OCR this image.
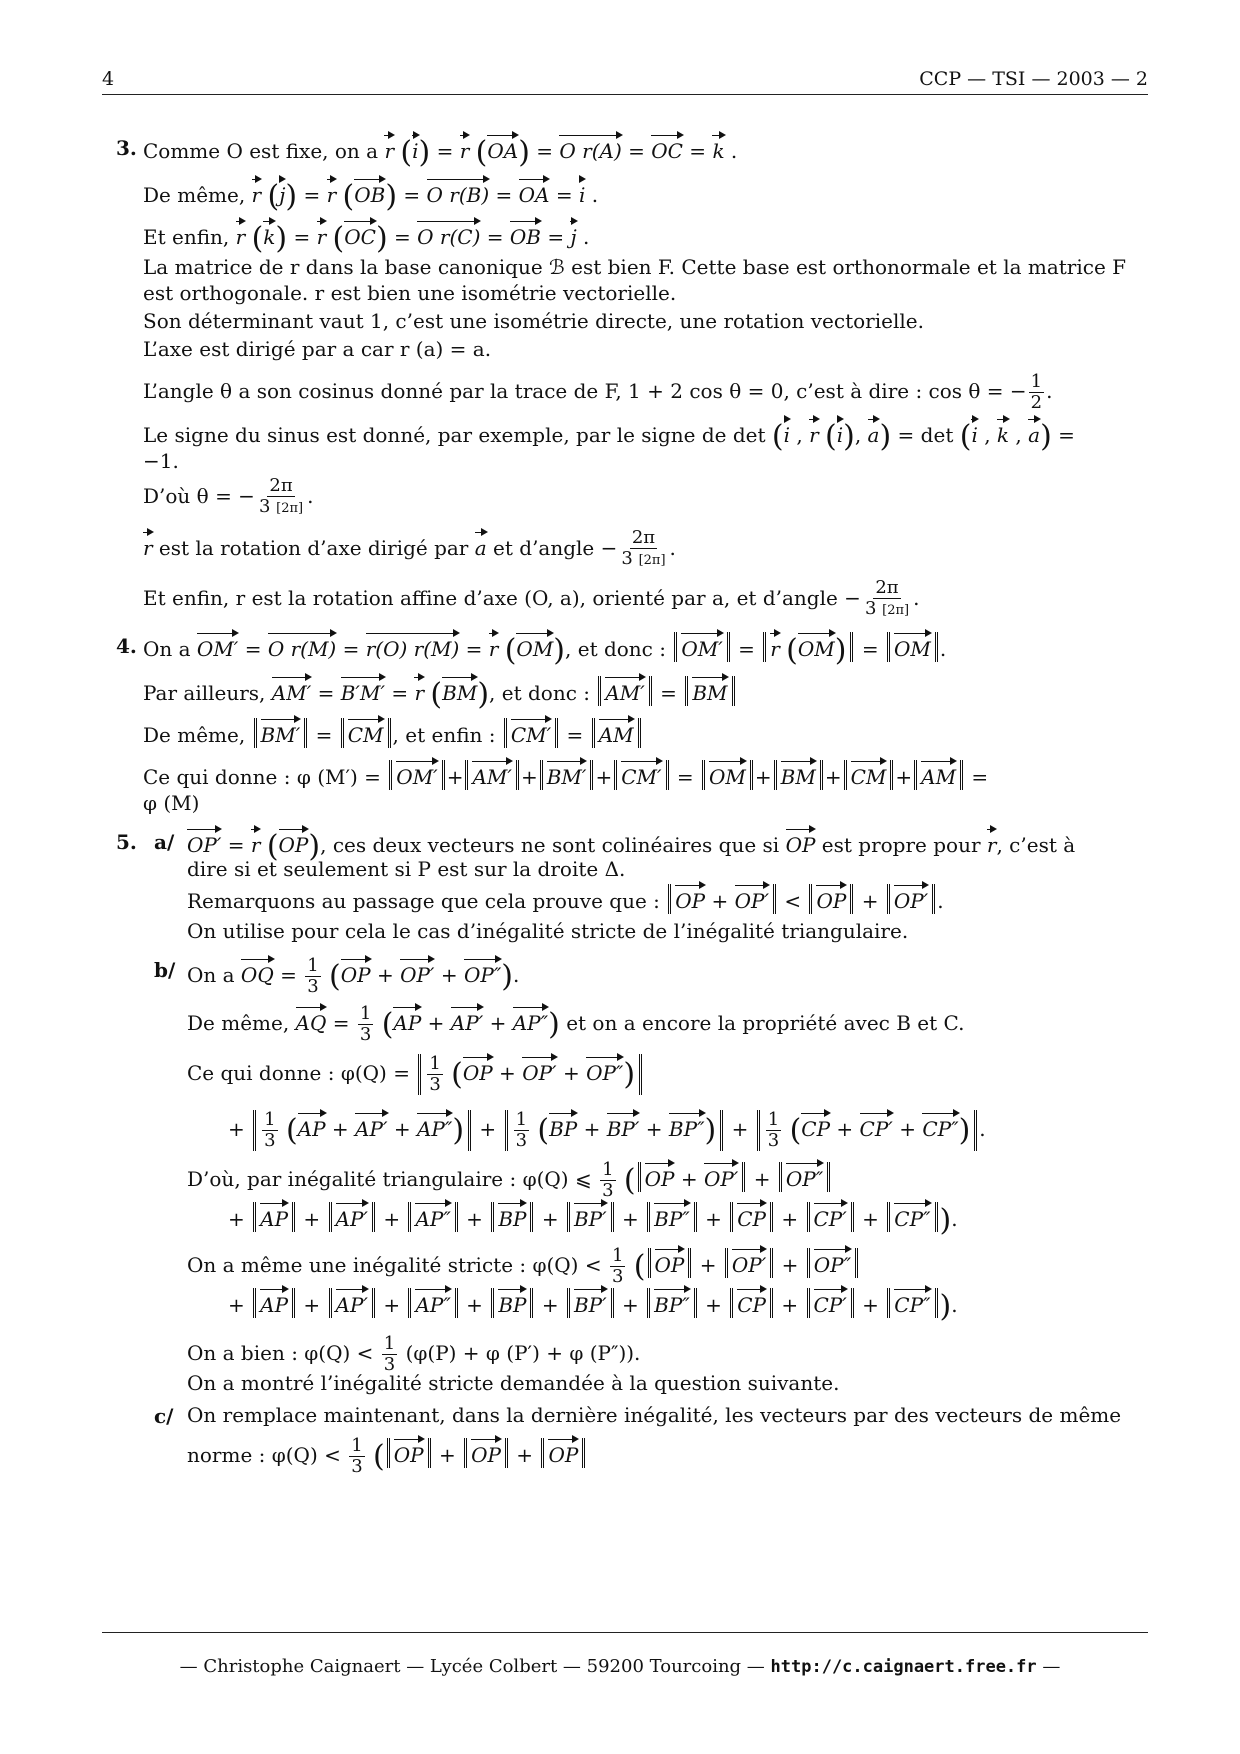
4	CCP — TSI — 2003 — 2
3. Comme O est fixe, on a r (i) = r (OA) = O r(A) = OC = k .
De même, r (j) = r (OB) = O r(B) = OA = i .
Et enfin, r (k) = r (OC) = O r(C) = OB = j .
La matrice de r dans la base canonique ℬ est bien F. Cette base est orthonormale et la matrice F
est orthogonale. r est bien une isométrie vectorielle.
Son déterminant vaut 1, c’est une isométrie directe, une rotation vectorielle.
L’axe est dirigé par a car r (a) = a.
L’angle θ a son cosinus donné par la trace de F, 1 + 2 cos θ = 0, c’est à dire : cos θ = − $\frac{1}{2}$ .
Le signe du sinus est donné, par exemple, par le signe de det (i , r (i), a) = det (i , k , a) =
−1.
D’où θ = − $\frac{2\pi}{3 [2\pi]}$ .
r est la rotation d’axe dirigé par a et d’angle − $\frac{2\pi}{3 [2\pi]}$ .
Et enfin, r est la rotation affine d’axe (O, a), orienté par a, et d’angle − $\frac{2\pi}{3 [2\pi]}$ .
4. On a OM′ = O r(M) = r(O) r(M) = r (OM), et donc : OM′ = r (OM) = OM .
Par ailleurs, AM′ = B′M′ = r (BM), et donc : AM′ = BM
De même, BM′ = CM , et enfin : CM′ = AM
Ce qui donne : φ (M′) = OM′ + AM′ + BM′ + CM′ = OM + BM + CM + AM =
φ (M)
5. a/ OP′ = r (OP), ces deux vecteurs ne sont colinéaires que si OP est propre pour r, c’est à
dire si et seulement si P est sur la droite Δ.
Remarquons au passage que cela prouve que : OP + OP′ < OP + OP′ .
On utilise pour cela le cas d’inégalité stricte de l’inégalité triangulaire.
b/ On a OQ = $\frac{1}{3} (OP + OP' + OP'')$.
De même, AQ = $\frac{1}{3} (AP + AP' + AP'')$ et on a encore la propriété avec B et C.
Ce qui donne : $\varphi(Q) = \frac{1}{3} (OP + OP' + OP'')$
+ $\frac{1}{3} (AP + AP' + AP'') + \frac{1}{3} (BP + BP' + BP'') + \frac{1}{3} (CP + CP' + CP'')$ .
D’où, par inégalité triangulaire : φ(Q) ⩽ $\frac{1}{3}$ ( OP + OP′ + OP″
+ AP + AP′ + AP″ + BP + BP′ + BP″ + CP + CP′ + CP″ ).
On a même une inégalité stricte : $\varphi(Q) < \frac{1}{3}$ ( OP + OP′ + OP″
+ AP + AP′ + AP″ + BP + BP′ + BP″ + CP + CP′ + CP″ ).
On a bien : $\varphi(Q) < \frac{1}{3} (\varphi(P) + \varphi$ (P′) + φ (P″)).
On a montré l’inégalité stricte demandée à la question suivante.
c/ On remplace maintenant, dans la dernière inégalité, les vecteurs par des vecteurs de même
norme : $\varphi(Q) < \frac{1}{3}$ ( OP + OP + OP
— Christophe Caignaert — Lycée Colbert — 59200 Tourcoing — http://c.caignaert.free.fr —
